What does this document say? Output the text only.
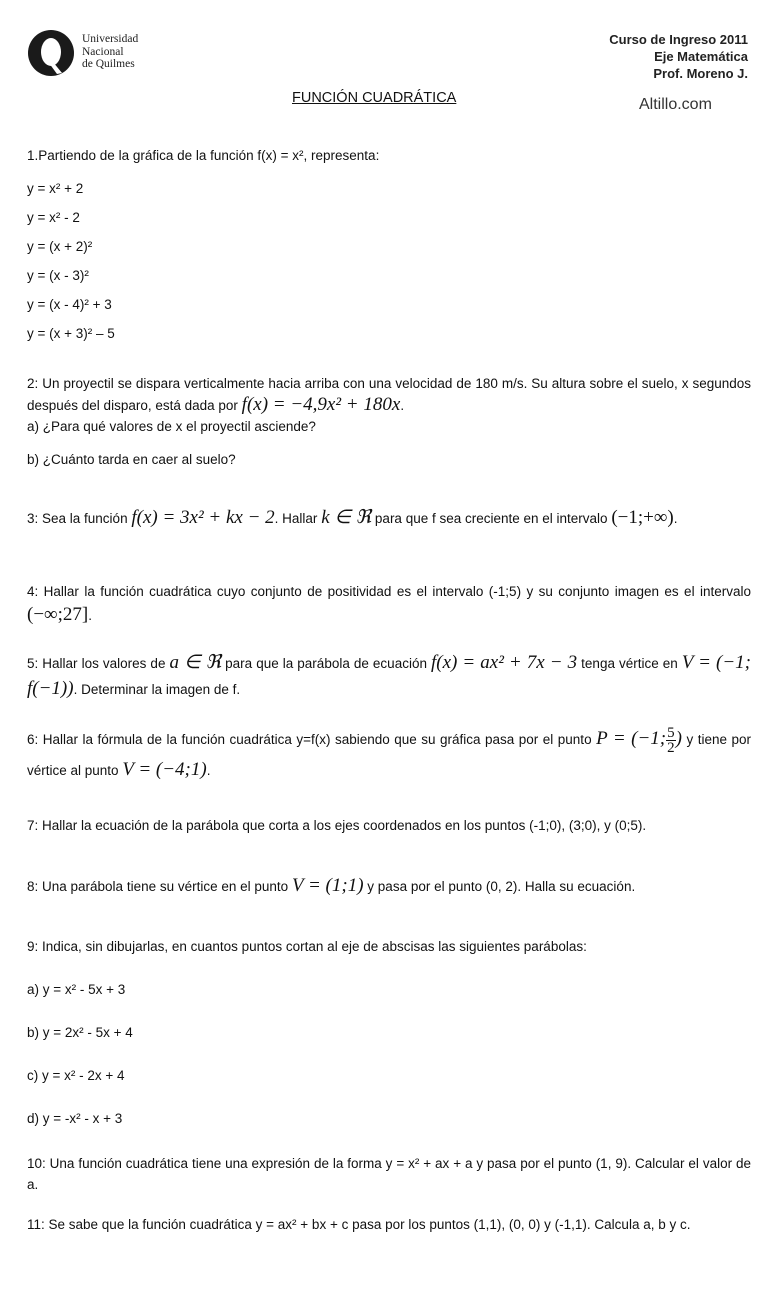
Universidad
Nacional
de Quilmes
Curso de Ingreso 2011
Eje Matemática
Prof. Moreno J.
FUNCIÓN CUADRÁTICA	Altillo.com
1.Partiendo de la gráfica de la función f(x) = x², representa:
y = x² + 2
y = x² - 2
y = (x + 2)²
y = (x - 3)²
y = (x - 4)² + 3
y = (x + 3)² – 5
2: Un proyectil se dispara verticalmente hacia arriba con una velocidad de 180 m/s. Su altura sobre el suelo, x segundos después del disparo, está dada por f(x) = −4,9x² + 180x.
a) ¿Para qué valores de x el proyectil asciende?
b) ¿Cuánto tarda en caer al suelo?
3: Sea la función f(x) = 3x² + kx − 2. Hallar k ∈ ℜ para que f sea creciente en el intervalo (−1;+∞).
4: Hallar la función cuadrática cuyo conjunto de positividad es el intervalo (-1;5) y su conjunto imagen es el intervalo (−∞;27].
5: Hallar los valores de a ∈ ℜ para que la parábola de ecuación f(x) = ax² + 7x − 3 tenga vértice en V = (−1; f(−1)). Determinar la imagen de f.
6: Hallar la fórmula de la función cuadrática y=f(x) sabiendo que su gráfica pasa por el punto P = (−1; $\frac{5}{2}$ ) y tiene por vértice al punto V = (−4;1).
7: Hallar la ecuación de la parábola que corta a los ejes coordenados en los puntos (-1;0), (3;0), y (0;5).
8: Una parábola tiene su vértice en el punto V = (1;1) y pasa por el punto (0, 2). Halla su ecuación.
9: Indica, sin dibujarlas, en cuantos puntos cortan al eje de abscisas las siguientes parábolas:
a) y = x² - 5x + 3
b) y = 2x² - 5x + 4
c) y = x² - 2x + 4
d) y = -x² - x + 3
10: Una función cuadrática tiene una expresión de la forma y = x² + ax + a y pasa por el punto (1, 9). Calcular el valor de a.
11: Se sabe que la función cuadrática y = ax² + bx + c pasa por los puntos (1,1), (0, 0) y (-1,1). Calcula a, b y c.
